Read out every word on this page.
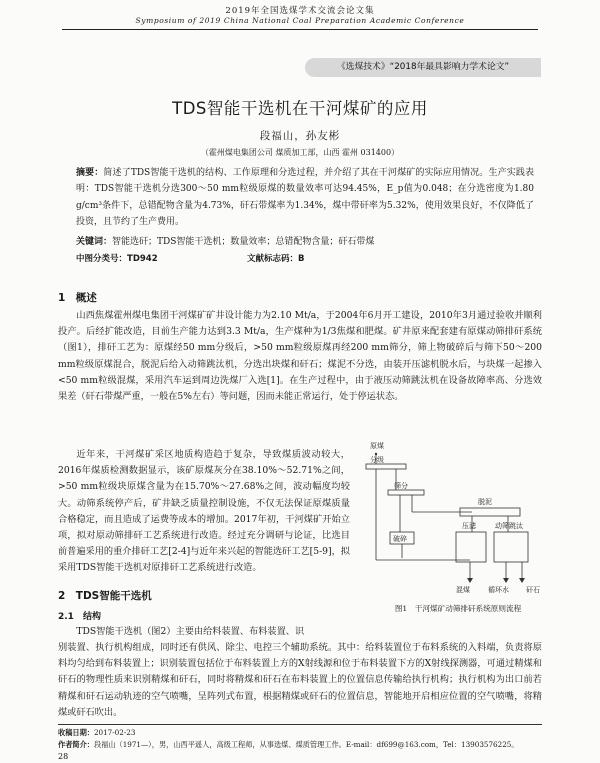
2019年全国选煤学术交流会论文集
Symposium of 2019 China National Coal Preparation Academic Conference
《选煤技术》“2018年最具影响力学术论文”
TDS智能干选机在干河煤矿的应用
段福山，孙友彬
（霍州煤电集团公司 煤质加工部，山西 霍州 031400）
摘要：简述了TDS智能干选机的结构、工作原理和分选过程，并介绍了其在干河煤矿的实际应用情况。生产实践表明：TDS智能干选机分选300～50 mm粒级原煤的数量效率可达94.45%，E_p值为0.048；在分选密度为1.80 g/cm³条件下，总错配物含量为4.73%，矸石带煤率为1.34%，煤中带矸率为5.32%，使用效果良好，不仅降低了投资，且节约了生产费用。
关键词：智能选矸；TDS智能干选机；数量效率；总错配物含量；矸石带煤
中图分类号：TD942	文献标志码：B
1　概述
山西焦煤霍州煤电集团干河煤矿矿井设计能力为2.10 Mt/a，于2004年6月开工建设，2010年3月通过验收并顺利投产。后经扩能改造，目前生产能力达到3.3 Mt/a，生产煤种为1/3焦煤和肥煤。矿井原来配套建有原煤动筛排矸系统（图1），排矸工艺为：原煤经50 mm分级后，>50 mm粒级原煤再经200 mm筛分，筛上物破碎后与筛下50～200 mm粒级原煤混合，脱泥后给入动筛跳汰机，分选出块煤和矸石；煤泥不分选，由装开压滤机脱水后，与块煤一起掺入<50 mm粒级混煤，采用汽车运到周边洗煤厂入选[1]。在生产过程中，由于液压动筛跳汰机在设备故障率高、分选效果差（矸石带煤严重，一般在5%左右）等问题，因而未能正常运行，处于停运状态。
近年来，干河煤矿采区地质构造趋于复杂，导致煤质波动较大，2016年煤质检测数据显示，该矿原煤灰分在38.10%～52.71%之间，>50 mm粒级块原煤含量为在15.70%～27.68%之间，波动幅度均较大。动筛系统停产后，矿井缺乏质量控制设施，不仅无法保证原煤质量合格稳定，而且造成了运费等成本的增加。2017年初，干河煤矿开始立项，拟对原动筛排矸工艺系统进行改造。经过充分调研与论证，比选目前普遍采用的重介排矸工艺[2-4]与近年来兴起的智能选矸工艺[5-9]，拟采用TDS智能干选机对原排矸工艺系统进行改造。
2　TDS智能干选机
2.1　结构
TDS智能干选机（图2）主要由给料装置、布料装置、识
别装置、执行机构组成，同时还有供风、除尘、电控三个辅助系统。其中：给料装置位于布料系统的入料端，负责将原料均匀给到布料装置上；识别装置包括位于布料装置上方的X射线源和位于布料装置下方的X射线探测器，可通过精煤和矸石的物理性质来识别精煤和矸石，同时将精煤和矸石在布料装置上的位置信息传输给执行机构；执行机构为出口前若精煤和矸石运动轨迹的空气喷嘴，呈阵列式布置，根据精煤或矸石的位置信息，智能地开启相应位置的空气喷嘴，将精煤或矸石吹出。
原煤
分级
筛分
破碎
脱泥
压滤	动筛跳汰
混煤	循环水 矸石
图1　干河煤矿动筛排矸系统原则流程
收稿日期：2017-02-23
作者简介：段福山（1971—），男，山西平遥人，高级工程师，从事选煤、煤质管理工作。E-mail：df699@163.com，Tel：13903576225。
28
